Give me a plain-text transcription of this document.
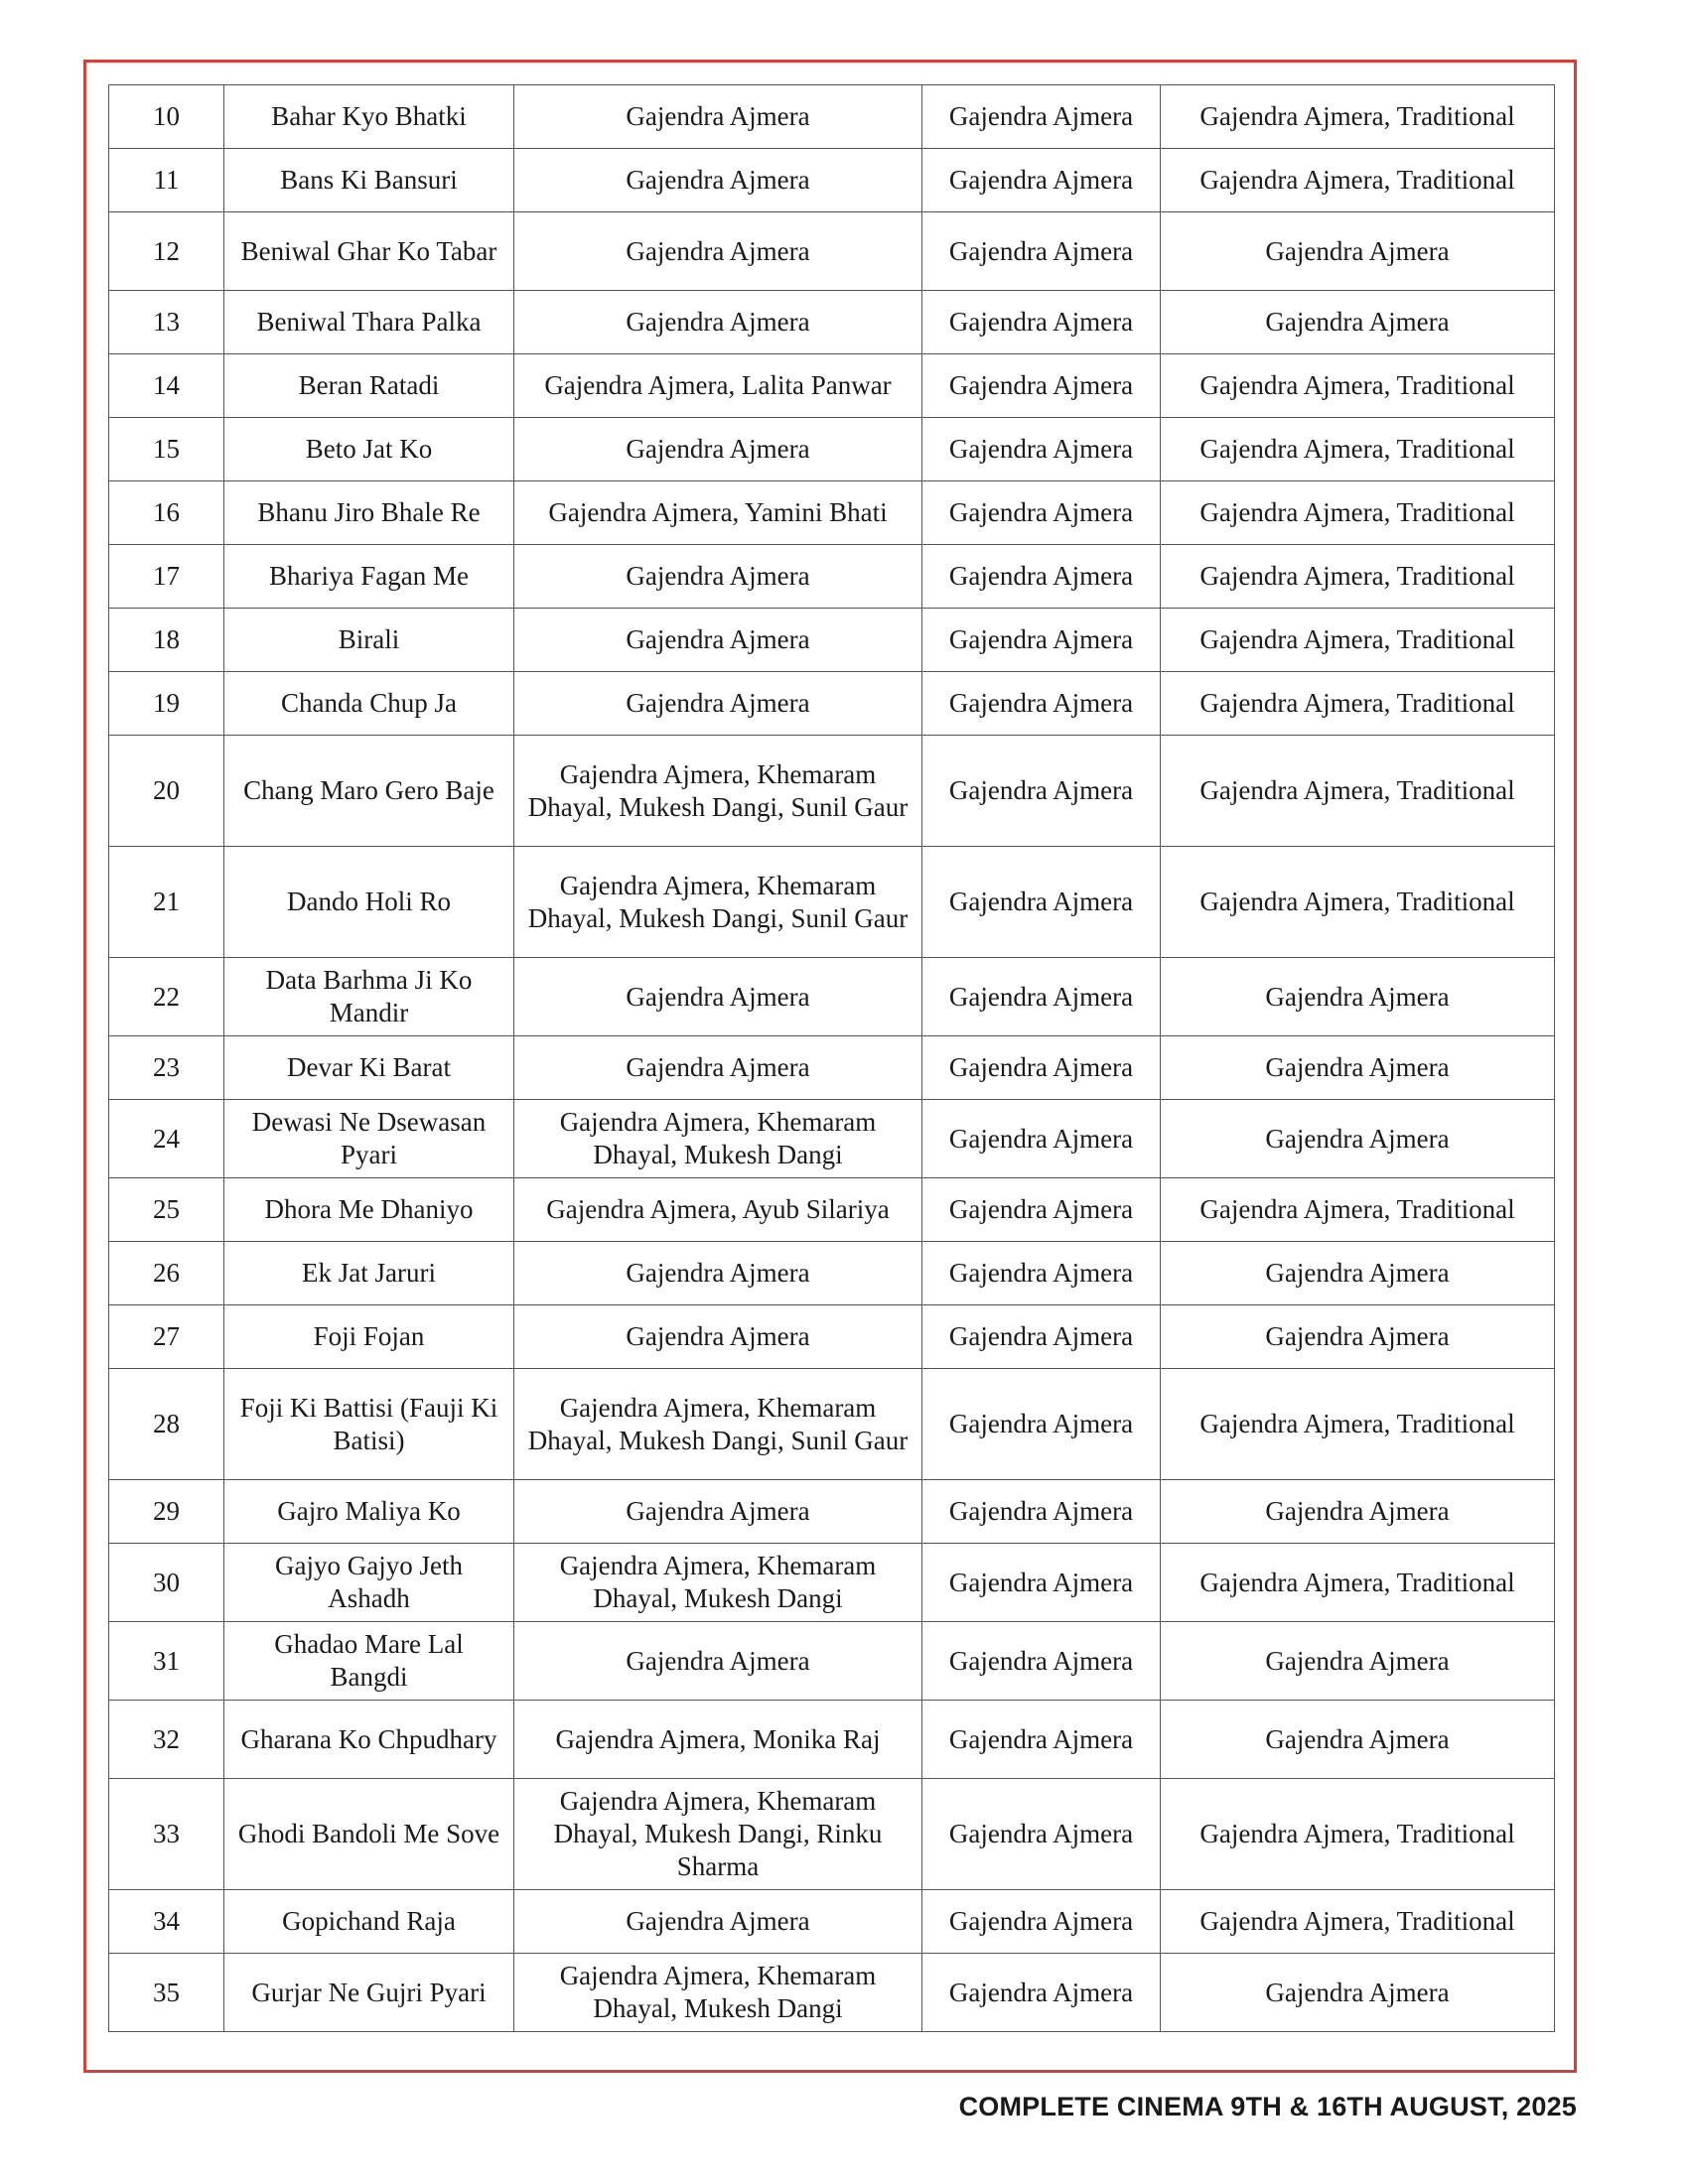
10	Bahar Kyo Bhatki	Gajendra Ajmera	Gajendra Ajmera	Gajendra Ajmera, Traditional
11	Bans Ki Bansuri	Gajendra Ajmera	Gajendra Ajmera	Gajendra Ajmera, Traditional
12	Beniwal Ghar Ko Tabar	Gajendra Ajmera	Gajendra Ajmera	Gajendra Ajmera
13	Beniwal Thara Palka	Gajendra Ajmera	Gajendra Ajmera	Gajendra Ajmera
14	Beran Ratadi	Gajendra Ajmera, Lalita Panwar	Gajendra Ajmera	Gajendra Ajmera, Traditional
15	Beto Jat Ko	Gajendra Ajmera	Gajendra Ajmera	Gajendra Ajmera, Traditional
16	Bhanu Jiro Bhale Re	Gajendra Ajmera, Yamini Bhati	Gajendra Ajmera	Gajendra Ajmera, Traditional
17	Bhariya Fagan Me	Gajendra Ajmera	Gajendra Ajmera	Gajendra Ajmera, Traditional
18	Birali	Gajendra Ajmera	Gajendra Ajmera	Gajendra Ajmera, Traditional
19	Chanda Chup Ja	Gajendra Ajmera	Gajendra Ajmera	Gajendra Ajmera, Traditional
20	Chang Maro Gero Baje	Gajendra Ajmera, Khemaram Dhayal, Mukesh Dangi, Sunil Gaur	Gajendra Ajmera	Gajendra Ajmera, Traditional
21	Dando Holi Ro	Gajendra Ajmera, Khemaram Dhayal, Mukesh Dangi, Sunil Gaur	Gajendra Ajmera	Gajendra Ajmera, Traditional
22	Data Barhma Ji Ko Mandir	Gajendra Ajmera	Gajendra Ajmera	Gajendra Ajmera
23	Devar Ki Barat	Gajendra Ajmera	Gajendra Ajmera	Gajendra Ajmera
24	Dewasi Ne Dsewasan Pyari	Gajendra Ajmera, Khemaram Dhayal, Mukesh Dangi	Gajendra Ajmera	Gajendra Ajmera
25	Dhora Me Dhaniyo	Gajendra Ajmera, Ayub Silariya	Gajendra Ajmera	Gajendra Ajmera, Traditional
26	Ek Jat Jaruri	Gajendra Ajmera	Gajendra Ajmera	Gajendra Ajmera
27	Foji Fojan	Gajendra Ajmera	Gajendra Ajmera	Gajendra Ajmera
28	Foji Ki Battisi (Fauji Ki Batisi)	Gajendra Ajmera, Khemaram Dhayal, Mukesh Dangi, Sunil Gaur	Gajendra Ajmera	Gajendra Ajmera, Traditional
29	Gajro Maliya Ko	Gajendra Ajmera	Gajendra Ajmera	Gajendra Ajmera
30	Gajyo Gajyo Jeth Ashadh	Gajendra Ajmera, Khemaram Dhayal, Mukesh Dangi	Gajendra Ajmera	Gajendra Ajmera, Traditional
31	Ghadao Mare Lal Bangdi	Gajendra Ajmera	Gajendra Ajmera	Gajendra Ajmera
32	Gharana Ko Chpudhary	Gajendra Ajmera, Monika Raj	Gajendra Ajmera	Gajendra Ajmera
33	Ghodi Bandoli Me Sove	Gajendra Ajmera, Khemaram Dhayal, Mukesh Dangi, Rinku Sharma	Gajendra Ajmera	Gajendra Ajmera, Traditional
34	Gopichand Raja	Gajendra Ajmera	Gajendra Ajmera	Gajendra Ajmera, Traditional
35	Gurjar Ne Gujri Pyari	Gajendra Ajmera, Khemaram Dhayal, Mukesh Dangi	Gajendra Ajmera	Gajendra Ajmera
COMPLETE CINEMA 9TH & 16TH AUGUST, 2025
